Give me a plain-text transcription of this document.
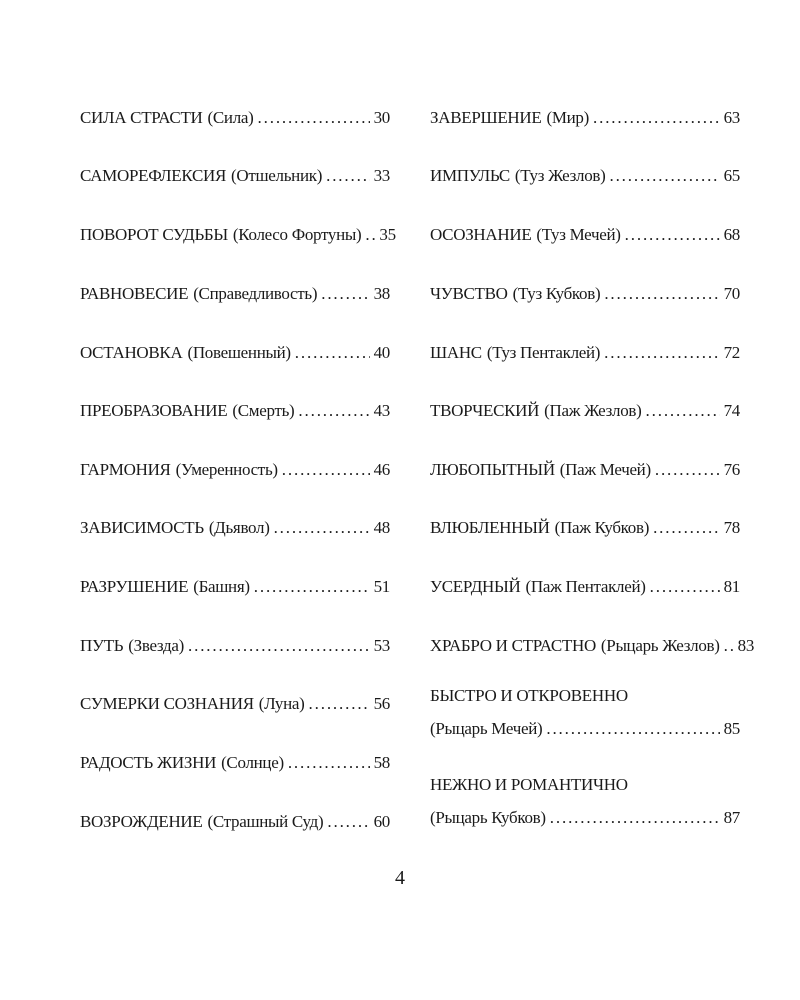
СИЛА СТРАСТИ (Сила) . . .	30
САМОРЕФЛЕКСИЯ (Отшельник) . . .	33
ПОВОРОТ СУДЬБЫ (Колесо Фортуны) . . . 35
РАВНОВЕСИЕ (Справедливость) . . .	38
ОСТАНОВКА (Повешенный) . . .	40
ПРЕОБРАЗОВАНИЕ (Смерть) . . .	43
ГАРМОНИЯ (Умеренность) . . .	46
ЗАВИСИМОСТЬ (Дьявол) . . .	48
РАЗРУШЕНИЕ (Башня) . . .	51
ПУТЬ (Звезда) . . .	53
СУМЕРКИ СОЗНАНИЯ (Луна) . . .	56
РАДОСТЬ ЖИЗНИ (Солнце) . . .	58
ВОЗРОЖДЕНИЕ (Страшный Суд) . . .	60
ЗАВЕРШЕНИЕ (Мир) . . .	63
ИМПУЛЬС (Туз Жезлов) . . .	65
ОСОЗНАНИЕ (Туз Мечей) . . .	68
ЧУВСТВО (Туз Кубков) . . .	70
ШАНС (Туз Пентаклей) . . .	72
ТВОРЧЕСКИЙ (Паж Жезлов) . . .	74
ЛЮБОПЫТНЫЙ (Паж Мечей) . . .	76
ВЛЮБЛЕННЫЙ (Паж Кубков) . . .	78
УСЕРДНЫЙ (Паж Пентаклей) . . .	81
ХРАБРО И СТРАСТНО (Рыцарь Жезлов) . . . 83
БЫСТРО И ОТКРОВЕННО
(Рыцарь Мечей) . . .	85
НЕЖНО И РОМАНТИЧНО
(Рыцарь Кубков) . . .	87
4
